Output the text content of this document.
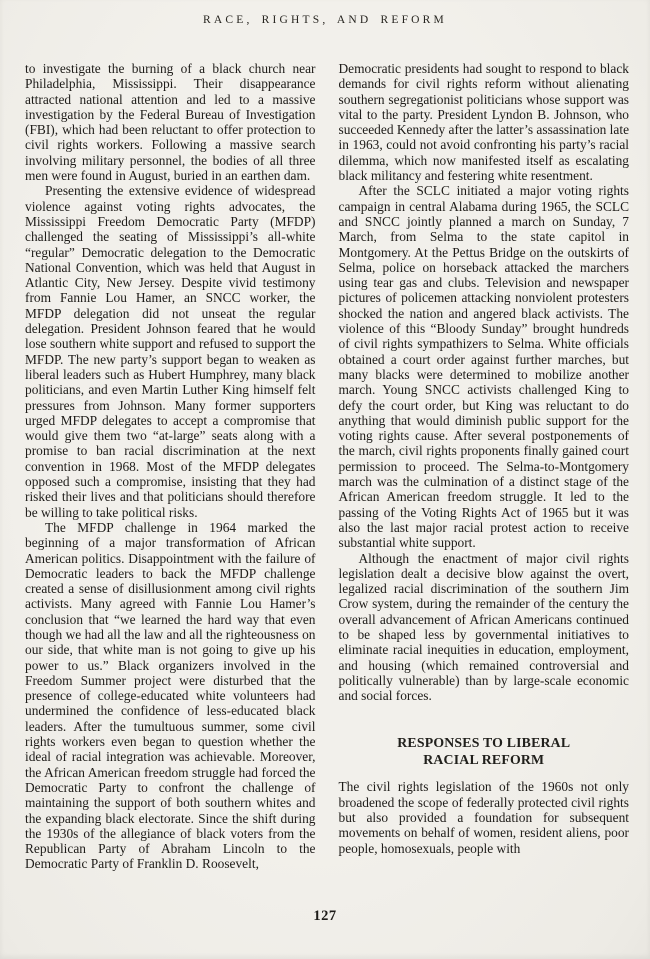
RACE, RIGHTS, AND REFORM

to investigate the burning of a black church near Philadelphia, Mississippi. Their disappearance attracted national attention and led to a massive investigation by the Federal Bureau of Investigation (FBI), which had been reluctant to offer protection to civil rights workers. Following a massive search involving military personnel, the bodies of all three men were found in August, buried in an earthen dam.

Presenting the extensive evidence of widespread violence against voting rights advocates, the Mississippi Freedom Democratic Party (MFDP) challenged the seating of Mississippi’s all-white “regular” Democratic delegation to the Democratic National Convention, which was held that August in Atlantic City, New Jersey. Despite vivid testimony from Fannie Lou Hamer, an SNCC worker, the MFDP delegation did not unseat the regular delegation. President Johnson feared that he would lose southern white support and refused to support the MFDP. The new party’s support began to weaken as liberal leaders such as Hubert Humphrey, many black politicians, and even Martin Luther King himself felt pressures from Johnson. Many former supporters urged MFDP delegates to accept a compromise that would give them two “at-large” seats along with a promise to ban racial discrimination at the next convention in 1968. Most of the MFDP delegates opposed such a compromise, insisting that they had risked their lives and that politicians should therefore be willing to take political risks.

The MFDP challenge in 1964 marked the beginning of a major transformation of African American politics. Disappointment with the failure of Democratic leaders to back the MFDP challenge created a sense of disillusionment among civil rights activists. Many agreed with Fannie Lou Hamer’s conclusion that “we learned the hard way that even though we had all the law and all the righteousness on our side, that white man is not going to give up his power to us.” Black organizers involved in the Freedom Summer project were disturbed that the presence of college-educated white volunteers had undermined the confidence of less-educated black leaders. After the tumultuous summer, some civil rights workers even began to question whether the ideal of racial integration was achievable. Moreover, the African American freedom struggle had forced the Democratic Party to confront the challenge of maintaining the support of both southern whites and the expanding black electorate. Since the shift during the 1930s of the allegiance of black voters from the Republican Party of Abraham Lincoln to the Democratic Party of Franklin D. Roosevelt,

Democratic presidents had sought to respond to black demands for civil rights reform without alienating southern segregationist politicians whose support was vital to the party. President Lyndon B. Johnson, who succeeded Kennedy after the latter’s assassination late in 1963, could not avoid confronting his party’s racial dilemma, which now manifested itself as escalating black militancy and festering white resentment.

After the SCLC initiated a major voting rights campaign in central Alabama during 1965, the SCLC and SNCC jointly planned a march on Sunday, 7 March, from Selma to the state capitol in Montgomery. At the Pettus Bridge on the outskirts of Selma, police on horseback attacked the marchers using tear gas and clubs. Television and newspaper pictures of policemen attacking nonviolent protesters shocked the nation and angered black activists. The violence of this “Bloody Sunday” brought hundreds of civil rights sympathizers to Selma. White officials obtained a court order against further marches, but many blacks were determined to mobilize another march. Young SNCC activists challenged King to defy the court order, but King was reluctant to do anything that would diminish public support for the voting rights cause. After several postponements of the march, civil rights proponents finally gained court permission to proceed. The Selma-to-Montgomery march was the culmination of a distinct stage of the African American freedom struggle. It led to the passing of the Voting Rights Act of 1965 but it was also the last major racial protest action to receive substantial white support.

Although the enactment of major civil rights legislation dealt a decisive blow against the overt, legalized racial discrimination of the southern Jim Crow system, during the remainder of the century the overall advancement of African Americans continued to be shaped less by governmental initiatives to eliminate racial inequities in education, employment, and housing (which remained controversial and politically vulnerable) than by large-scale economic and social forces.

RESPONSES TO LIBERAL
RACIAL REFORM

The civil rights legislation of the 1960s not only broadened the scope of federally protected civil rights but also provided a foundation for subsequent movements on behalf of women, resident aliens, poor people, homosexuals, people with

127
